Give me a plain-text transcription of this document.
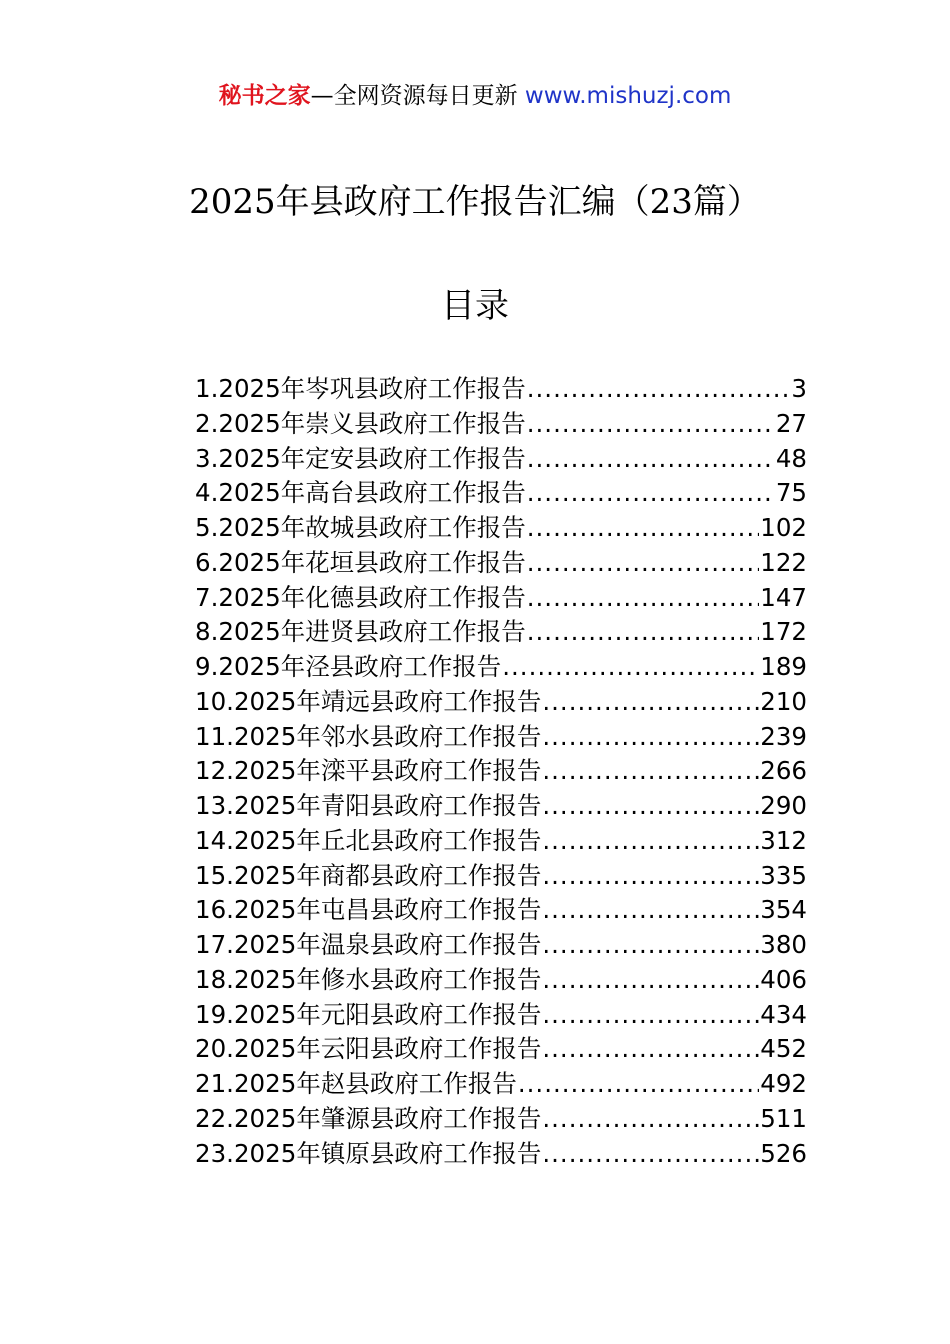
秘书之家—全网资源每日更新 www.mishuzj.com
2025年县政府工作报告汇编（23篇）
目录
1.2025年岑巩县政府工作报告 .....	3
2.2025年崇义县政府工作报告 .....	27
3.2025年定安县政府工作报告 .....	48
4.2025年高台县政府工作报告 .....	75
5.2025年故城县政府工作报告 .....	102
6.2025年花垣县政府工作报告 .....	122
7.2025年化德县政府工作报告 .....	147
8.2025年进贤县政府工作报告 .....	172
9.2025年泾县政府工作报告 .....	189
10.2025年靖远县政府工作报告 .....	210
11.2025年邻水县政府工作报告 .....	239
12.2025年滦平县政府工作报告 .....	266
13.2025年青阳县政府工作报告 .....	290
14.2025年丘北县政府工作报告 .....	312
15.2025年商都县政府工作报告 .....	335
16.2025年屯昌县政府工作报告 .....	354
17.2025年温泉县政府工作报告 .....	380
18.2025年修水县政府工作报告 .....	406
19.2025年元阳县政府工作报告 .....	434
20.2025年云阳县政府工作报告 .....	452
21.2025年赵县政府工作报告 .....	492
22.2025年肇源县政府工作报告 .....	511
23.2025年镇原县政府工作报告 .....	526
